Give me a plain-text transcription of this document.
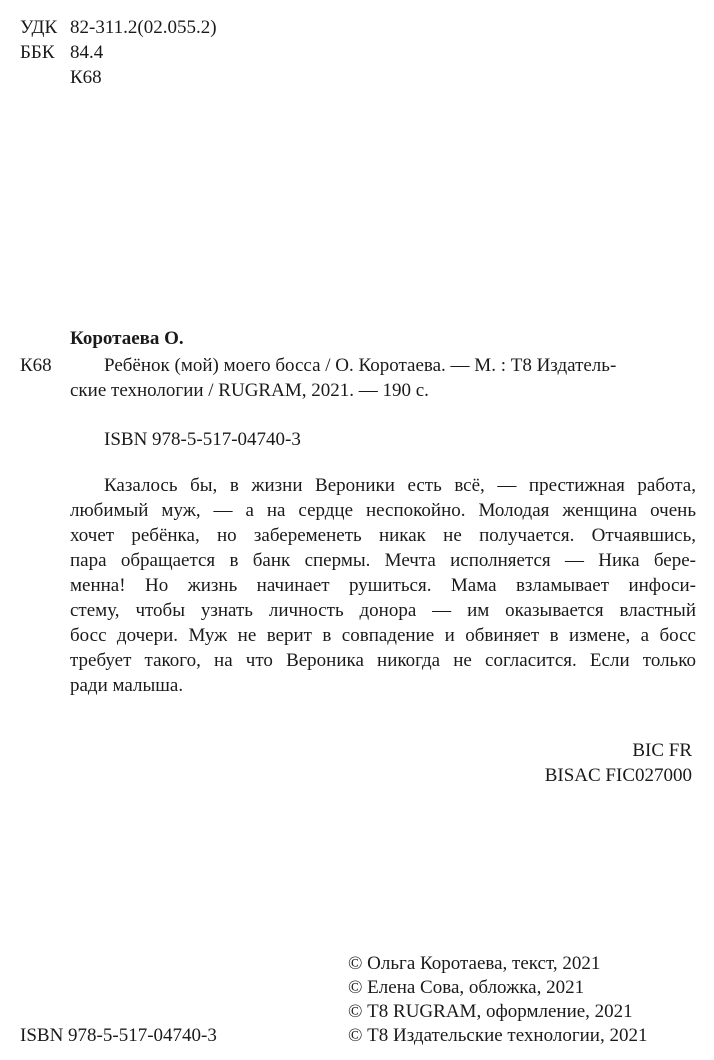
УДК 82-311.2(02.055.2)
ББК 84.4
К68
Коротаева О.
К68	Ребёнок (мой) моего босса / О. Коротаева. — М. : Т8 Издатель-
ские технологии / RUGRAM, 2021. — 190 с.
ISBN 978-5-517-04740-3
Казалось бы, в жизни Вероники есть всё, — престижная работа,
любимый муж, — а на сердце неспокойно. Молодая женщина очень
хочет ребёнка, но забеременеть никак не получается. Отчаявшись,
пара обращается в банк спермы. Мечта исполняется — Ника бере-
менна! Но жизнь начинает рушиться. Мама взламывает инфоси-
стему, чтобы узнать личность донора — им оказывается властный
босс дочери. Муж не верит в совпадение и обвиняет в измене, а босс
требует такого, на что Вероника никогда не согласится. Если только
ради малыша.
BIC FR
BISAC FIC027000
ISBN 978-5-517-04740-3
© Ольга Коротаева, текст, 2021
© Елена Сова, обложка, 2021
© Т8 RUGRAM, оформление, 2021
© Т8 Издательские технологии, 2021
